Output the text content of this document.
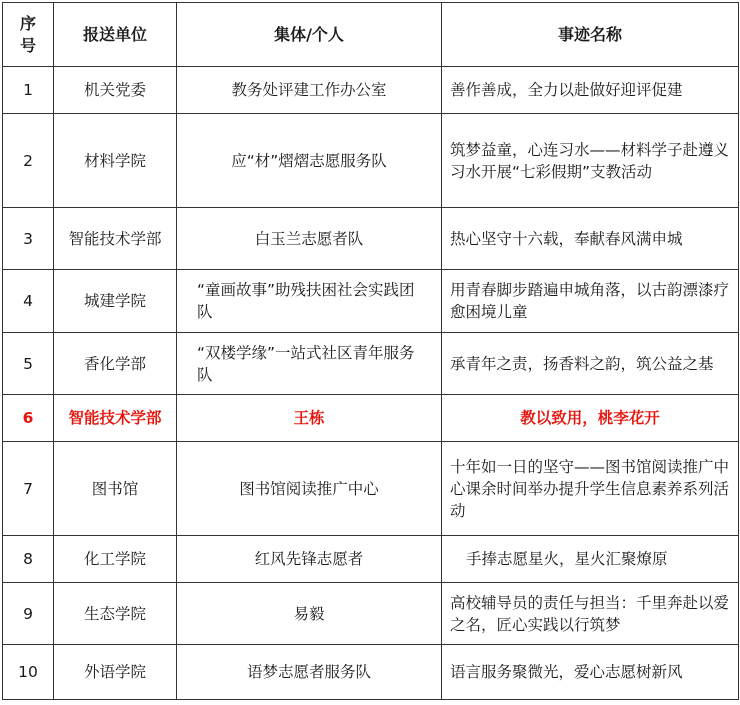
序号	报送单位	集体/个人	事迹名称
1	机关党委	教务处评建工作办公室	善作善成，全力以赴做好迎评促建
2	材料学院	应“材”熠熠志愿服务队	筑梦益童，心连习水——材料学子赴遵义习水开展“七彩假期”支教活动
3	智能技术学部	白玉兰志愿者队	热心坚守十六载，奉献春风满申城
4	城建学院	“童画故事”助残扶困社会实践团队	用青春脚步踏遍申城角落，以古韵漂漆疗愈困境儿童
5	香化学部	“双楼学缘”一站式社区青年服务队	承青年之责，扬香料之韵，筑公益之基
6	智能技术学部	王栋	教以致用，桃李花开
7	图书馆	图书馆阅读推广中心	十年如一日的坚守——图书馆阅读推广中心课余时间举办提升学生信息素养系列活动
8	化工学院	红风先锋志愿者	手捧志愿星火，星火汇聚燎原
9	生态学院	易毅	高校辅导员的责任与担当：千里奔赴以爱之名，匠心实践以行筑梦
10	外语学院	语梦志愿者服务队	语言服务聚微光，爱心志愿树新风
